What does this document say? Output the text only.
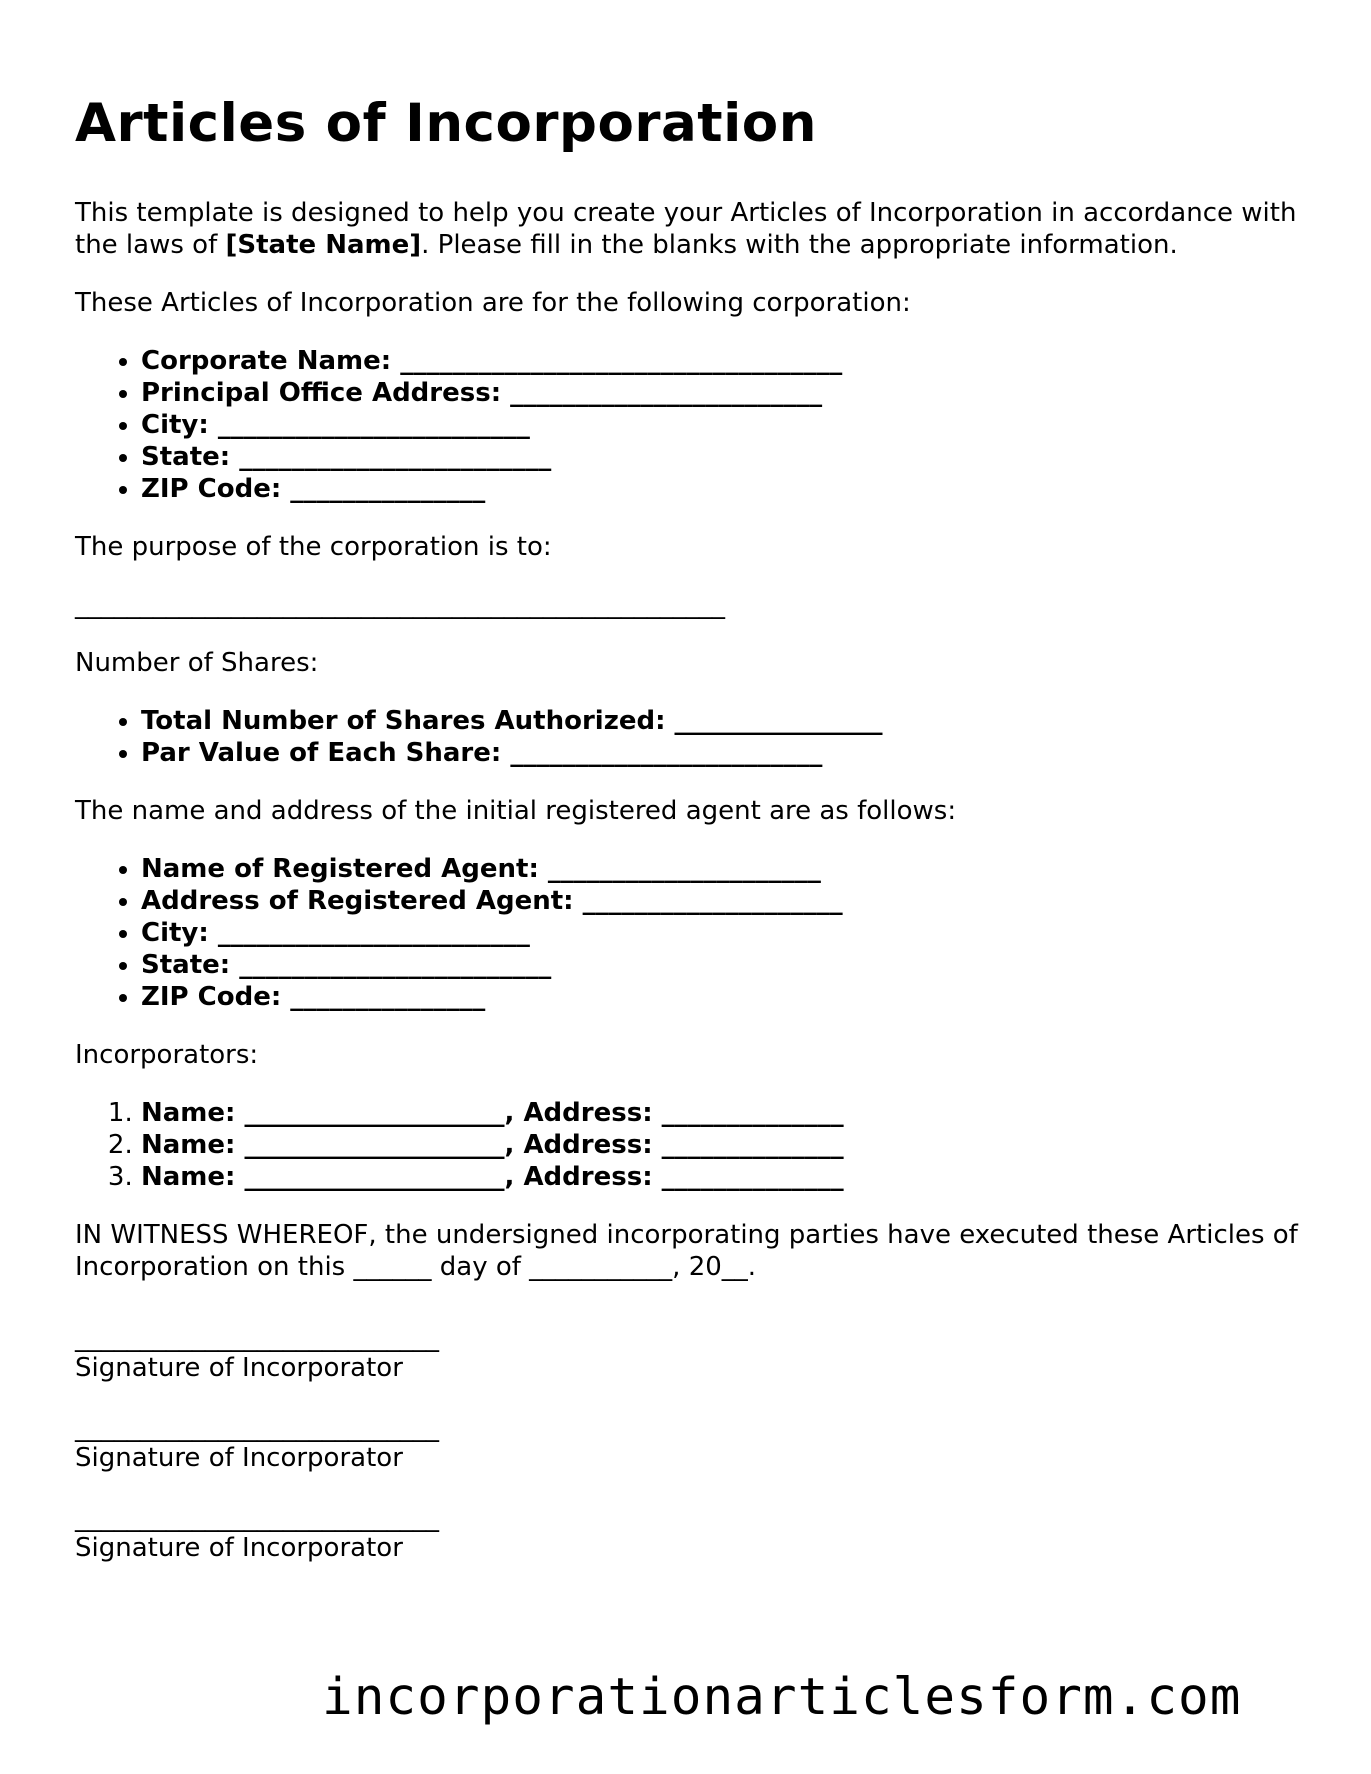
Articles of Incorporation

This template is designed to help you create your Articles of Incorporation in accordance with the laws of [State Name]. Please fill in the blanks with the appropriate information.

These Articles of Incorporation are for the following corporation:

• Corporate Name: __________________________________
• Principal Office Address: ________________________
• City: ________________________
• State: ________________________
• ZIP Code: _______________

The purpose of the corporation is to:

__________________________________________________

Number of Shares:

• Total Number of Shares Authorized: ________________
• Par Value of Each Share: ________________________

The name and address of the initial registered agent are as follows:

• Name of Registered Agent: _____________________
• Address of Registered Agent: ____________________
• City: ________________________
• State: ________________________
• ZIP Code: _______________

Incorporators:

1. Name: ____________________, Address: ______________
2. Name: ____________________, Address: ______________
3. Name: ____________________, Address: ______________

IN WITNESS WHEREOF, the undersigned incorporating parties have executed these Articles of Incorporation on this ______ day of ___________, 20__.

____________________________
Signature of Incorporator
____________________________
Signature of Incorporator
____________________________
Signature of Incorporator
incorporationarticlesform.com
